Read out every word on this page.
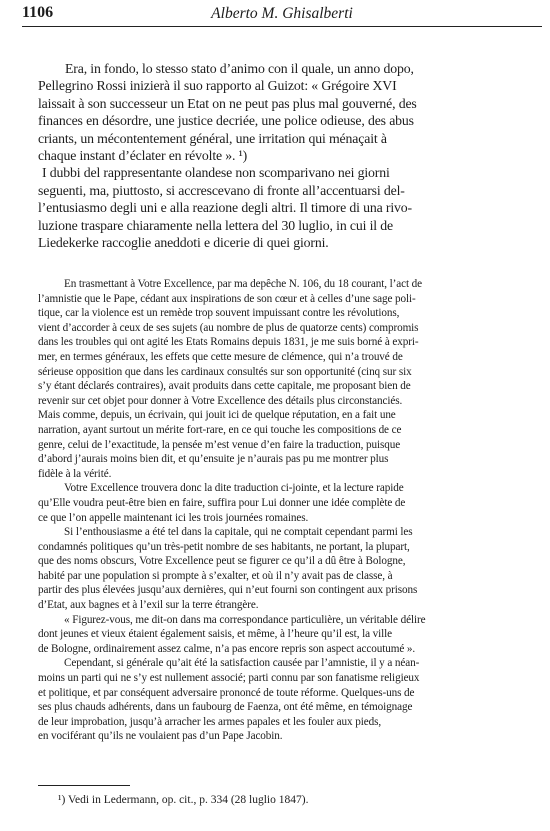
1106	Alberto M. Ghisalberti
Era, in fondo, lo stesso stato d’animo con il quale, un anno dopo,
Pellegrino Rossi inizierà il suo rapporto al Guizot: « Grégoire XVI
laissait à son successeur un Etat on ne peut pas plus mal gouverné, des
finances en désordre, une justice decriée, une police odieuse, des abus
criants, un mécontentement général, une irritation qui ménaçait à
chaque instant d’éclater en révolte ». ¹)
I dubbi del rappresentante olandese non scomparivano nei giorni
seguenti, ma, piuttosto, si accrescevano di fronte all’accentuarsi del-
l’entusiasmo degli uni e alla reazione degli altri. Il timore di una rivo-
luzione traspare chiaramente nella lettera del 30 luglio, in cui il de
Liedekerke raccoglie aneddoti e dicerie di quei giorni.
En trasmettant à Votre Excellence, par ma depêche N. 106, du 18 courant, l’act de
l’amnistie que le Pape, cédant aux inspirations de son cœur et à celles d’une sage poli-
tique, car la violence est un remède trop souvent impuissant contre les révolutions,
vient d’accorder à ceux de ses sujets (au nombre de plus de quatorze cents) compromis
dans les troubles qui ont agité les Etats Romains depuis 1831, je me suis borné à expri-
mer, en termes généraux, les effets que cette mesure de clémence, qui n’a trouvé de
sérieuse opposition que dans les cardinaux consultés sur son opportunité (cinq sur six
s’y étant déclarés contraires), avait produits dans cette capitale, me proposant bien de
revenir sur cet objet pour donner à Votre Excellence des détails plus circonstanciés.
Mais comme, depuis, un écrivain, qui jouit ici de quelque réputation, en a fait une
narration, ayant surtout un mérite fort-rare, en ce qui touche les compositions de ce
genre, celui de l’exactitude, la pensée m’est venue d’en faire la traduction, puisque
d’abord j’aurais moins bien dit, et qu’ensuite je n’aurais pas pu me montrer plus
fidèle à la vérité.
Votre Excellence trouvera donc la dite traduction ci-jointe, et la lecture rapide
qu’Elle voudra peut-être bien en faire, suffira pour Lui donner une idée complète de
ce que l’on appelle maintenant ici les trois journées romaines.
Si l’enthousiasme a été tel dans la capitale, qui ne comptait cependant parmi les
condamnés politiques qu’un très-petit nombre de ses habitants, ne portant, la plupart,
que des noms obscurs, Votre Excellence peut se figurer ce qu’il a dû être à Bologne,
habité par une population si prompte à s’exalter, et où il n’y avait pas de classe, à
partir des plus élevées jusqu’aux dernières, qui n’eut fourni son contingent aux prisons
d’Etat, aux bagnes et à l’exil sur la terre étrangère.
« Figurez-vous, me dit-on dans ma correspondance particulière, un véritable délire
dont jeunes et vieux étaient également saisis, et même, à l’heure qu’il est, la ville
de Bologne, ordinairement assez calme, n’a pas encore repris son aspect accoutumé ».
Cependant, si générale qu’ait été la satisfaction causée par l’amnistie, il y a néan-
moins un parti qui ne s’y est nullement associé; parti connu par son fanatisme religieux
et politique, et par conséquent adversaire prononcé de toute réforme. Quelques-uns de
ses plus chauds adhérents, dans un faubourg de Faenza, ont été même, en témoignage
de leur improbation, jusqu’à arracher les armes papales et les fouler aux pieds,
en vociférant qu’ils ne voulaient pas d’un Pape Jacobin.
¹) Vedi in Ledermann, op. cit., p. 334 (28 luglio 1847).
